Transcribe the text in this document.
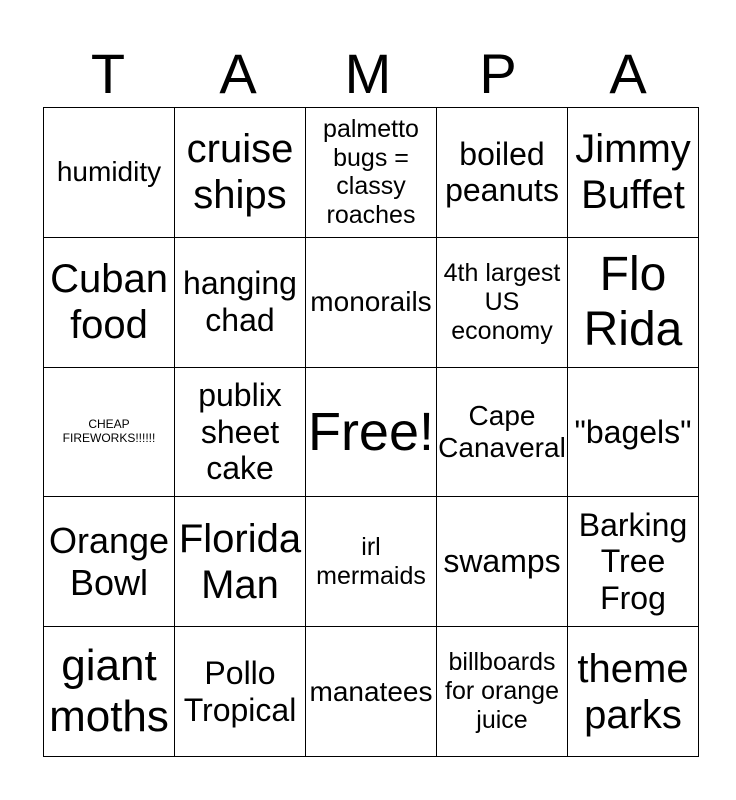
T	A	M	P	A
humidity	cruise ships	palmetto bugs = classy roaches	boiled peanuts	Jimmy Buffet
Cuban food	hanging chad	monorails	4th largest US economy	Flo Rida
CHEAP FIREWORKS!!!!!!	publix sheet cake	Free!	Cape Canaveral	"bagels"
Orange Bowl	Florida Man	irl mermaids	swamps	Barking Tree Frog
giant moths	Pollo Tropical	manatees	billboards for orange juice	theme parks
